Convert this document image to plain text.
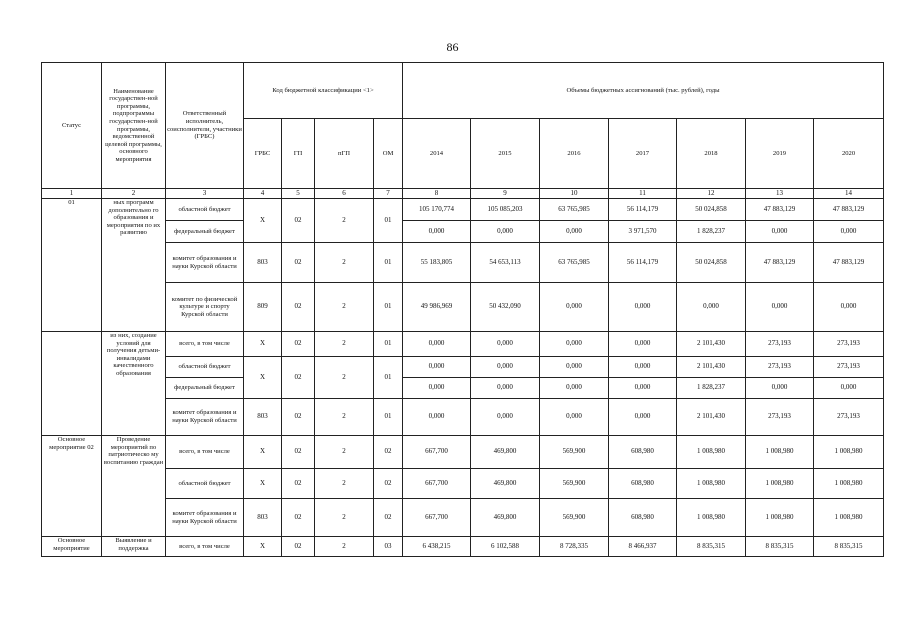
86
Статус	Наименование государствен-ной программы, подпрограммы государствен-ной программы, ведомственной целевой программы, основного мероприятия	Ответственный исполнитель, соисполнители, участники (ГРБС)	Код бюджетной классификации <1>				Объемы бюджетных ассигнований (тыс. рублей), годы						
			ГРБС	ГП	пГП	ОМ	2014	2015	2016	2017	2018	2019	2020
1	2	3	4	5	6	7	8	9	10	11	12	13	14
01	ных программ дополнительно го образования и мероприятия по их развитию	областной бюджет	X	02	2	01	105 170,774	105 085,203	63 765,985	56 114,179	50 024,858	47 883,129	47 883,129
		федеральный бюджет					0,000	0,000	0,000	3 971,570	1 828,237	0,000	0,000
		комитет образования и науки Курской области	803	02	2	01	55 183,805	54 653,113	63 765,985	56 114,179	50 024,858	47 883,129	47 883,129
		комитет по физической культуре и спорту Курской области	809	02	2	01	49 986,969	50 432,090	0,000	0,000	0,000	0,000	0,000
	из них, создание условий для получения детьми-инвалидами качественного образования	всего, в том числе	X	02	2	01	0,000	0,000	0,000	0,000	2 101,430	273,193	273,193
		областной бюджет	X	02	2	01	0,000	0,000	0,000	0,000	2 101,430	273,193	273,193
		федеральный бюджет					0,000	0,000	0,000	0,000	1 828,237	0,000	0,000
		комитет образования и науки Курской области	803	02	2	01	0,000	0,000	0,000	0,000	2 101,430	273,193	273,193
Основное мероприятие 02	Проведение мероприятий по патриотическо му воспитанию граждан	всего, в том числе	X	02	2	02	667,700	469,800	569,900	608,980	1 008,980	1 008,980	1 008,980
		областной бюджет	X	02	2	02	667,700	469,800	569,900	608,980	1 008,980	1 008,980	1 008,980
		комитет образования и науки Курской области	803	02	2	02	667,700	469,800	569,900	608,980	1 008,980	1 008,980	1 008,980
Основное мероприятие	Выявление и поддержка	всего, в том числе	X	02	2	03	6 438,215	6 102,588	8 728,335	8 466,937	8 835,315	8 835,315	8 835,315
